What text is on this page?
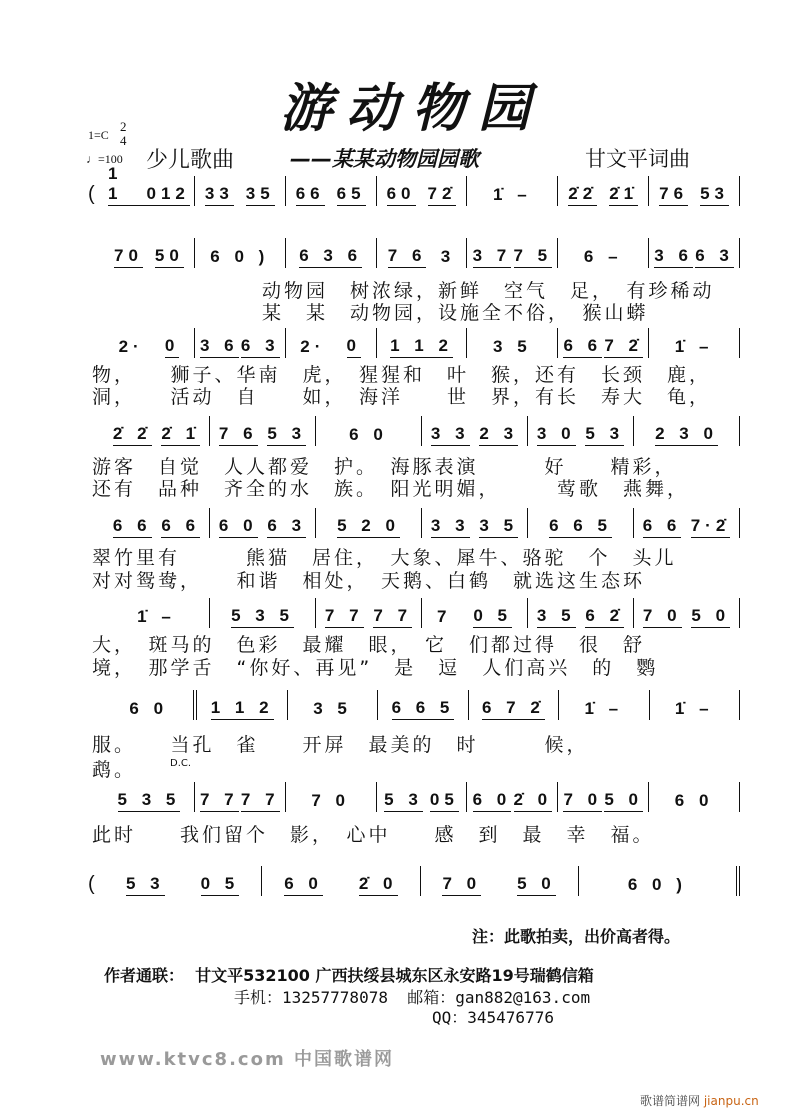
www.ktvc8.com 中国歌谱网
游动物园
1=C
2
4
♩=100 少儿歌曲	——某某动物园园歌	甘文平词曲
(
1 1	012 33 35 66 65 60 72̇ 1̇ – 2̇2̇ 2̇1̇ 76 53
70 50 6 0 ) 6 3 6 7 6 3 3 7 7 5 6 – 3 6 6 3
2· 0 3 6 6 3 2· 0 1 1 2 3 5 6 6 7 2̇ 1̇ –
2̇ 2̇ 2̇ 1̇ 7 6 5 3	6 0	3 3 2 3 3 0 5 3 2 3 0
6 6 6 6 6 0 6 3 5 2 0 3 3 3 5 6 6 5 6 6 7·2̇
1̇ –	5 3 5 7 7 7 7 7 0 5 3 5 6 2̇ 7 0 5 0
6 0	1 1 2 3 5 6 6 5 6 7 2̇ 1̇ –	1̇ –
5 3 5 7 7 7 7 7 0 5 3 05 6 0 2̇ 0 7 0 5 0 6 0
(	5 3 0 5	6 0 2̇ 0	7 0 5 0	6 0 )
动物园　树浓绿，新鲜　空气　足，　有珍稀动
某　某　动物园，设施全不俗，　猴山蟒
物，　　狮子、华南　虎，　猩猩和　叶　猴，还有　长颈　鹿，
洞，　　活动　自　　如，　海洋　　世　界，有长　寿大　龟，
游客　自觉　人人都爱　护。　海豚表演　　　好　　精彩，
还有　品种　齐全的水　族。　阳光明媚，　　　莺歌　燕舞，
翠竹里有　　　熊猫　居住，　大象、犀牛、骆驼　个　头儿
对对鸳鸯，　　和谐　相处，　天鹅、白鹤　就选这生态环
大，　斑马的　色彩　最耀　眼，　它　们都过得　很　舒
境，　那学舌　“你好、再见”　是　逗　人们高兴　的　鹦
服。　　当孔　雀　　开屏　最美的　时　　　候，
鹉。	D.C.
此时　　我们留个　影，　心中　　感　到　最　幸　福。
注：此歌拍卖，出价高者得。
作者通联：  甘文平532100 广西扶绥县城东区永安路19号瑞鹤信箱
手机：13257778078  邮箱：gan882@163.com
QQ：345476776
歌谱简谱网 jianpu.cn
